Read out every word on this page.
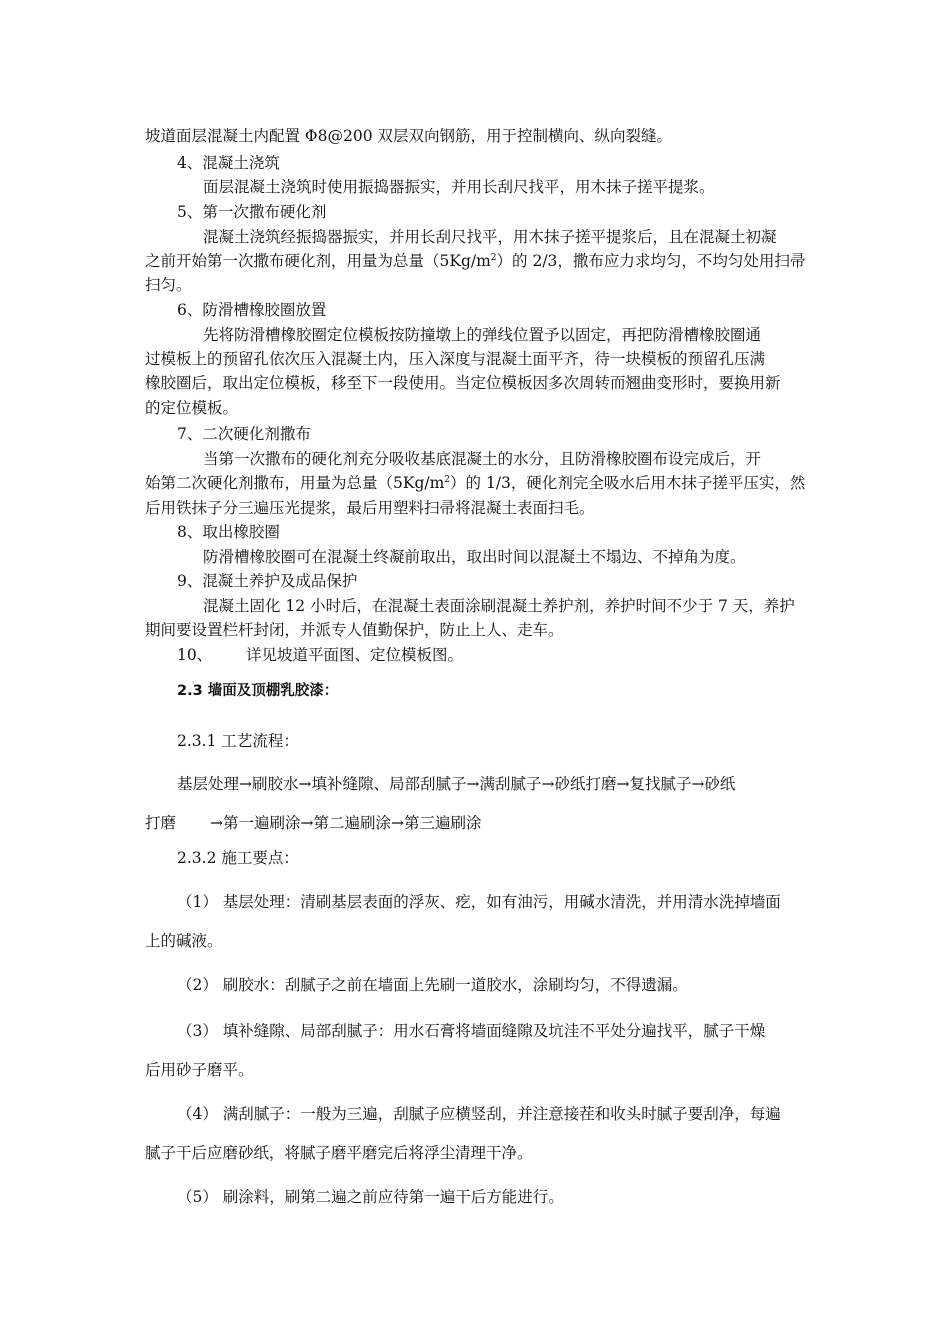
坡道面层混凝土内配置 Φ8@200 双层双向钢筋，用于控制横向、纵向裂缝。
4、混凝土浇筑
面层混凝土浇筑时使用振捣器振实，并用长刮尺找平，用木抹子搓平提浆。
5、第一次撒布硬化剂
混凝土浇筑经振捣器振实，并用长刮尺找平，用木抹子搓平提浆后，且在混凝土初凝
之前开始第一次撒布硬化剂，用量为总量$(5Kg/m^2)$的 2/3，撒布应力求均匀，不均匀处用扫帚
扫匀。
6、防滑槽橡胶圈放置
先将防滑槽橡胶圈定位模板按防撞墩上的弹线位置予以固定，再把防滑槽橡胶圈通
过模板上的预留孔依次压入混凝土内，压入深度与混凝土面平齐，待一块模板的预留孔压满
橡胶圈后，取出定位模板，移至下一段使用。当定位模板因多次周转而翘曲变形时，要换用新
的定位模板。
7、二次硬化剂撒布
当第一次撒布的硬化剂充分吸收基底混凝土的水分，且防滑橡胶圈布设完成后，开
始第二次硬化剂撒布，用量为总量$(5Kg/m^2)$的 1/3，硬化剂完全吸水后用木抹子搓平压实，然
后用铁抹子分三遍压光提浆，最后用塑料扫帚将混凝土表面扫毛。
8、取出橡胶圈
防滑槽橡胶圈可在混凝土终凝前取出，取出时间以混凝土不塌边、不掉角为度。
9、混凝土养护及成品保护
混凝土固化 12 小时后，在混凝土表面涂刷混凝土养护剂，养护时间不少于 7 天，养护
期间要设置栏杆封闭，并派专人值勤保护，防止上人、走车。
10、 详见坡道平面图、定位模板图。
2.3 墙面及顶棚乳胶漆：
2.3.1 工艺流程：
基层处理→刷胶水→填补缝隙、局部刮腻子→满刮腻子→砂纸打磨→复找腻子→砂纸
打磨 →第一遍刷涂→第二遍刷涂→第三遍刷涂
2.3.2 施工要点：
（1） 基层处理：清刷基层表面的浮灰、疙，如有油污，用碱水清洗，并用清水洗掉墙面
上的碱液。
（2） 刷胶水：刮腻子之前在墙面上先刷一道胶水，涂刷均匀，不得遗漏。
（3） 填补缝隙、局部刮腻子：用水石膏将墙面缝隙及坑洼不平处分遍找平，腻子干燥
后用砂子磨平。
（4） 满刮腻子：一般为三遍，刮腻子应横竖刮，并注意接茬和收头时腻子要刮净，每遍
腻子干后应磨砂纸，将腻子磨平磨完后将浮尘清理干净。
（5） 刷涂料，刷第二遍之前应待第一遍干后方能进行。
